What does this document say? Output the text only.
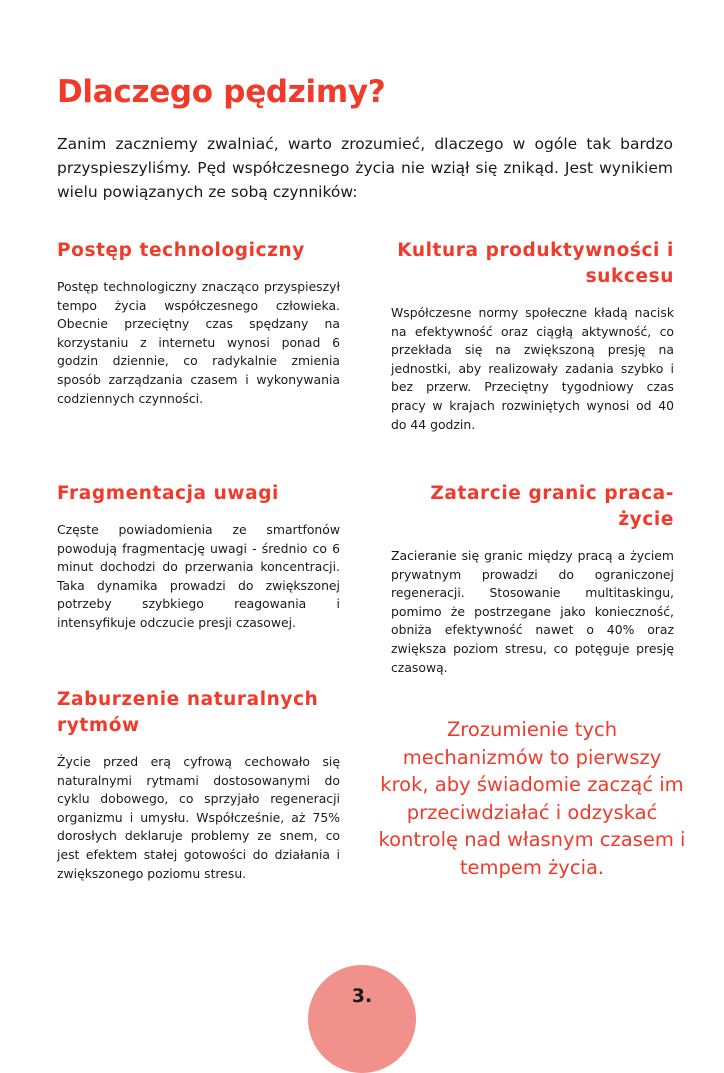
Dlaczego pędzimy?

Zanim zaczniemy zwalniać, warto zrozumieć, dlaczego w ogóle tak bardzo przyspieszyliśmy. Pęd współczesnego życia nie wziął się znikąd. Jest wynikiem wielu powiązanych ze sobą czynników:

Postęp technologiczny

Postęp technologiczny znacząco przyspieszył tempo życia współczesnego człowieka. Obecnie przeciętny czas spędzany na korzystaniu z internetu wynosi ponad 6 godzin dziennie, co radykalnie zmienia sposób zarządzania czasem i wykonywania codziennych czynności.

Kultura produktywności i sukcesu

Współczesne normy społeczne kładą nacisk na efektywność oraz ciągłą aktywność, co przekłada się na zwiększoną presję na jednostki, aby realizowały zadania szybko i bez przerw. Przeciętny tygodniowy czas pracy w krajach rozwiniętych wynosi od 40 do 44 godzin.

Fragmentacja uwagi

Częste powiadomienia ze smartfonów powodują fragmentację uwagi - średnio co 6 minut dochodzi do przerwania koncentracji. Taka dynamika prowadzi do zwiększonej potrzeby szybkiego reagowania i intensyfikuje odczucie presji czasowej.

Zatarcie granic praca-życie

Zacieranie się granic między pracą a życiem prywatnym prowadzi do ograniczonej regeneracji. Stosowanie multitaskingu, pomimo że postrzegane jako konieczność, obniża efektywność nawet o 40% oraz zwiększa poziom stresu, co potęguje presję czasową.

Zaburzenie naturalnych rytmów

Życie przed erą cyfrową cechowało się naturalnymi rytmami dostosowanymi do cyklu dobowego, co sprzyjało regeneracji organizmu i umysłu. Współcześnie, aż 75% dorosłych deklaruje problemy ze snem, co jest efektem stałej gotowości do działania i zwiększonego poziomu stresu.

Zrozumienie tych mechanizmów to pierwszy krok, aby świadomie zacząć im przeciwdziałać i odzyskać kontrolę nad własnym czasem i tempem życia.

3.
